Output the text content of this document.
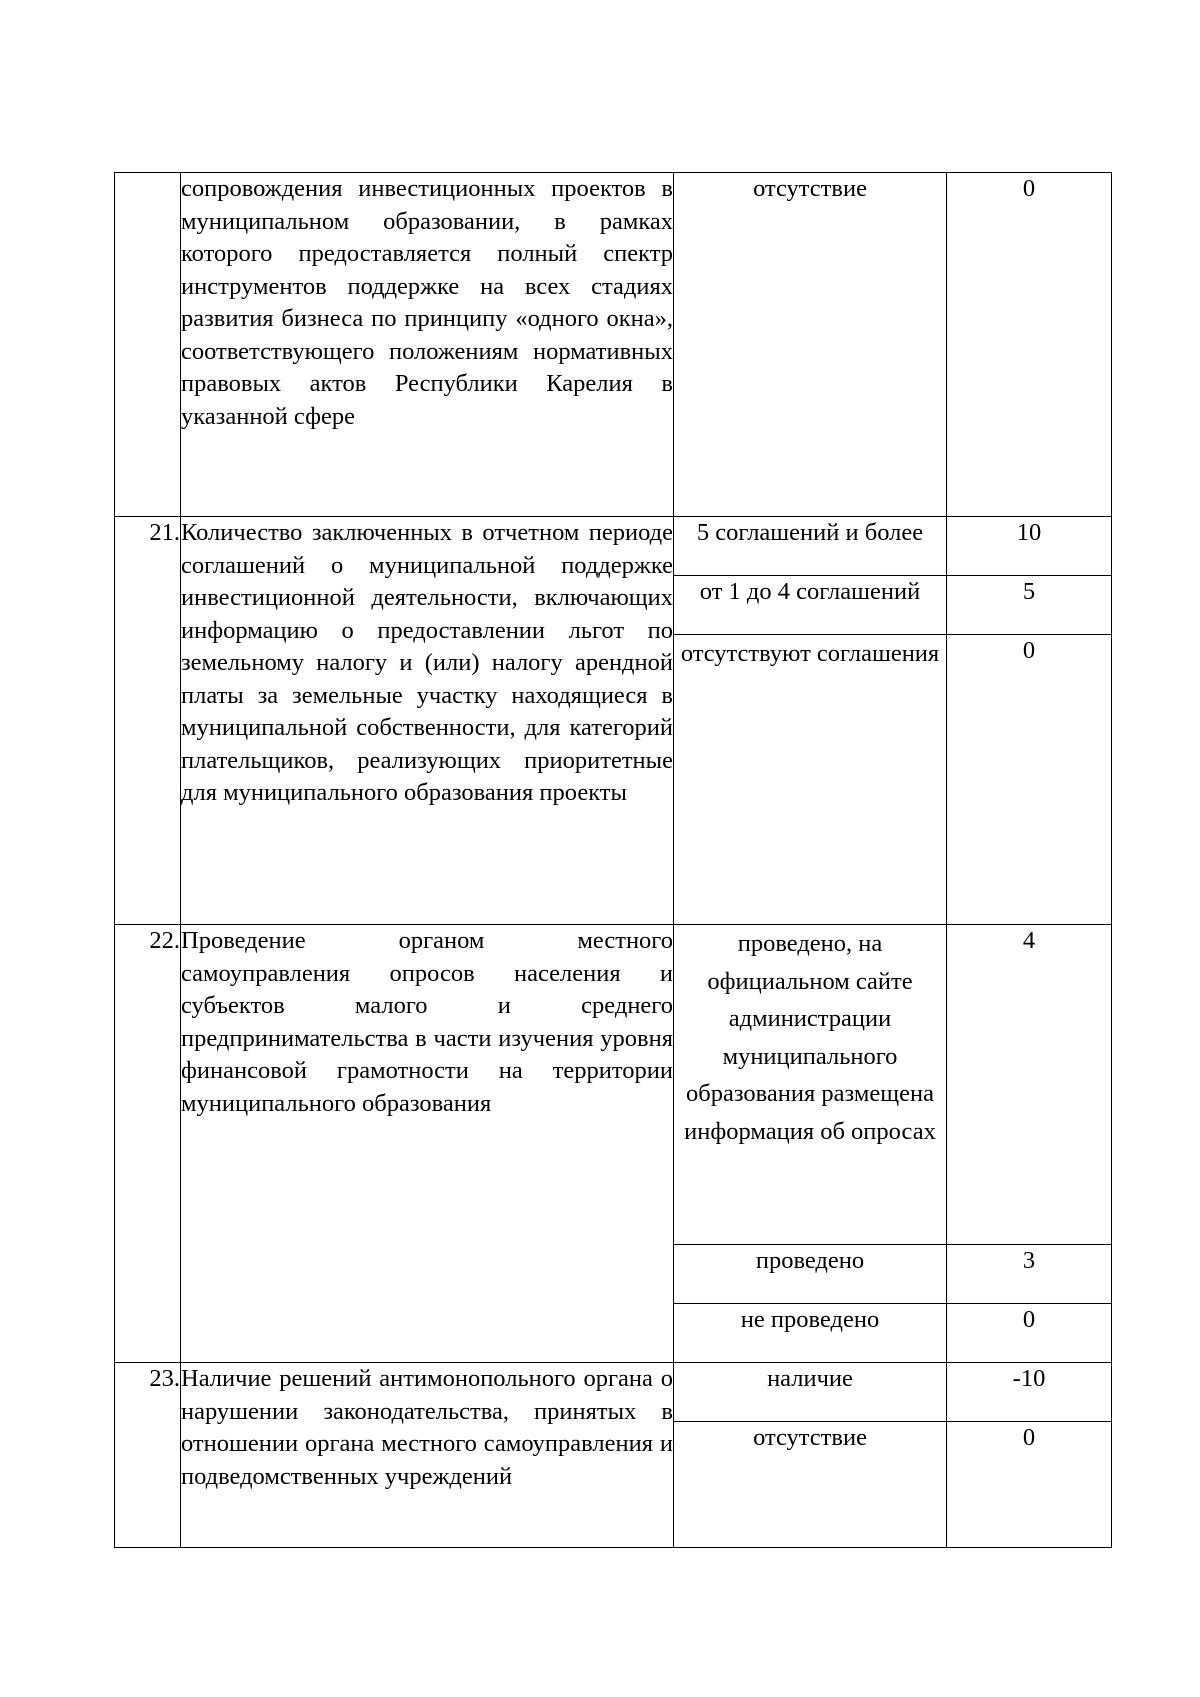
	сопровождения инвестиционных проектов в муниципальном образовании, в рамках которого предоставляется полный спектр инструментов поддержке на всех стадиях развития бизнеса по принципу «одного окна», соответствующего положениям нормативных правовых актов Республики Карелия в указанной сфере	отсутствие	0
21.	Количество заключенных в отчетном периоде соглашений о муниципальной поддержке инвестиционной деятельности, включающих информацию о предоставлении льгот по земельному налогу и (или) налогу арендной платы за земельные участку находящиеся в муниципальной собственности, для категорий плательщиков, реализующих приоритетные для муниципального образования проекты	5 соглашений и более	10
		от 1 до 4 соглашений	5
		отсутствуют соглашения	0
22.	Проведение органом местного самоуправления опросов населения и субъектов малого и среднего предпринимательства в части изучения уровня финансовой грамотности на территории муниципального образования	проведено, на официальном сайте администрации муниципального образования размещена информация об опросах	4
		проведено	3
		не проведено	0
23.	Наличие решений антимонопольного органа о нарушении законодательства, принятых в отношении органа местного самоуправления и подведомственных учреждений	наличие	-10
		отсутствие	0
